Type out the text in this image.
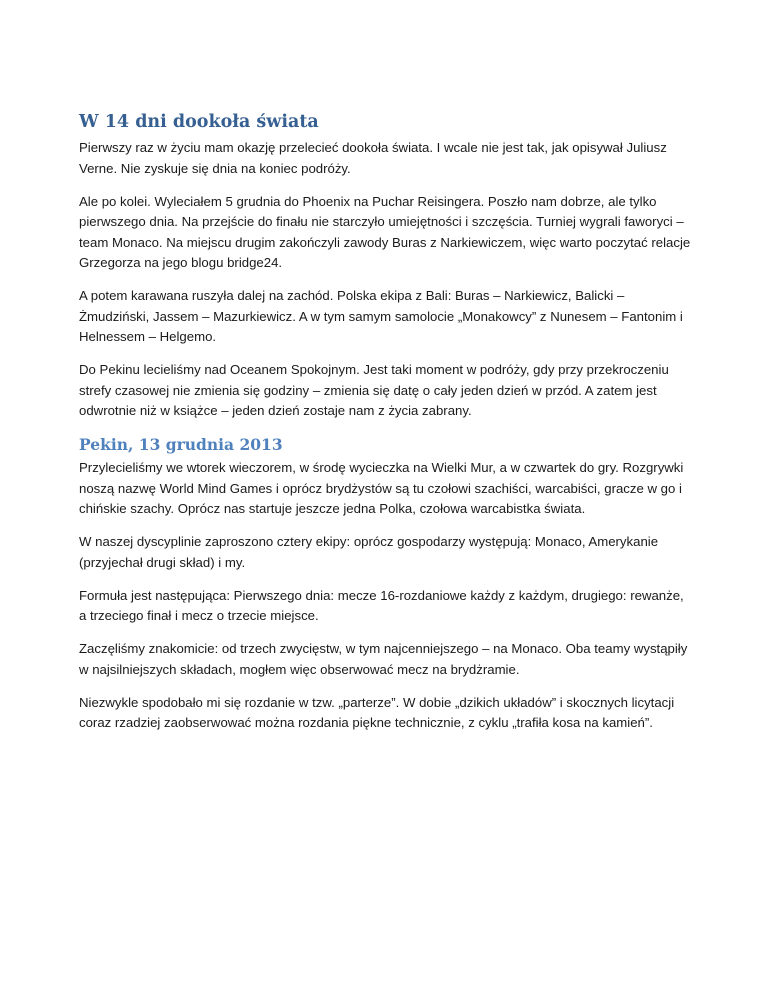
W 14 dni dookoła świata

Pierwszy raz w życiu mam okazję przelecieć dookoła świata. I wcale nie jest tak, jak opisywał Juliusz Verne. Nie zyskuje się dnia na koniec podróży.

Ale po kolei. Wyleciałem 5 grudnia do Phoenix na Puchar Reisingera. Poszło nam dobrze, ale tylko pierwszego dnia. Na przejście do finału nie starczyło umiejętności i szczęścia. Turniej wygrali faworyci – team Monaco. Na miejscu drugim zakończyli zawody Buras z Narkiewiczem, więc warto poczytać relacje Grzegorza na jego blogu bridge24.

A potem karawana ruszyła dalej na zachód. Polska ekipa z Bali: Buras – Narkiewicz, Balicki – Żmudziński, Jassem – Mazurkiewicz. A w tym samym samolocie „Monakowcy” z Nunesem – Fantonim i Helnessem – Helgemo.

Do Pekinu lecieliśmy nad Oceanem Spokojnym. Jest taki moment w podróży, gdy przy przekroczeniu strefy czasowej nie zmienia się godziny – zmienia się datę o cały jeden dzień w przód. A zatem jest odwrotnie niż w książce – jeden dzień zostaje nam z życia zabrany.

Pekin, 13 grudnia 2013

Przylecieliśmy we wtorek wieczorem, w środę wycieczka na Wielki Mur, a w czwartek do gry. Rozgrywki noszą nazwę World Mind Games i oprócz brydżystów są tu czołowi szachiści, warcabiści, gracze w go i chińskie szachy. Oprócz nas startuje jeszcze jedna Polka, czołowa warcabistka świata.

W naszej dyscyplinie zaproszono cztery ekipy: oprócz gospodarzy występują: Monaco, Amerykanie (przyjechał drugi skład) i my.

Formuła jest następująca: Pierwszego dnia: mecze 16-rozdaniowe każdy z każdym, drugiego: rewanże, a trzeciego finał i mecz o trzecie miejsce.

Zaczęliśmy znakomicie: od trzech zwycięstw, w tym najcenniejszego – na Monaco. Oba teamy wystąpiły w najsilniejszych składach, mogłem więc obserwować mecz na brydżramie.

Niezwykle spodobało mi się rozdanie w tzw. „parterze”. W dobie „dzikich układów” i skocznych licytacji coraz rzadziej zaobserwować można rozdania piękne technicznie, z cyklu „trafiła kosa na kamień”.
